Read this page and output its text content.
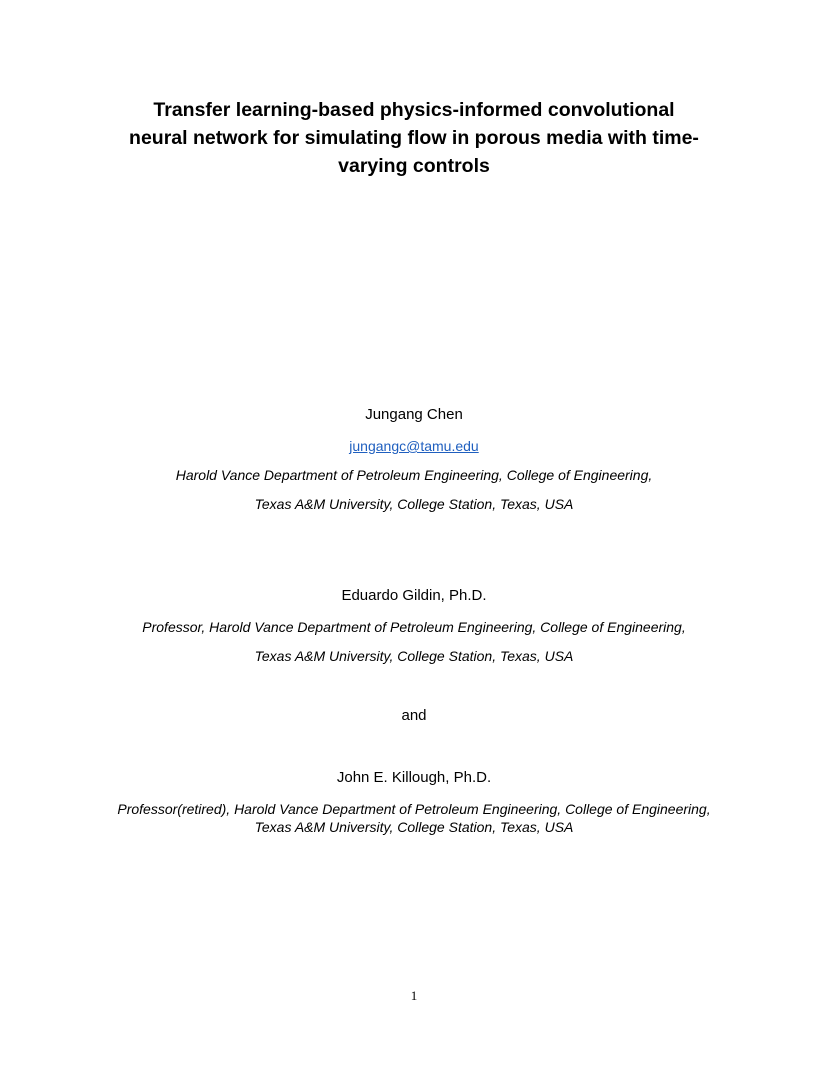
Transfer learning-based physics-informed convolutional
neural network for simulating flow in porous media with time-
varying controls
Jungang Chen
jungangc@tamu.edu
Harold Vance Department of Petroleum Engineering, College of Engineering,
Texas A&M University, College Station, Texas, USA
Eduardo Gildin, Ph.D.
Professor, Harold Vance Department of Petroleum Engineering, College of Engineering,
Texas A&M University, College Station, Texas, USA
and
John E. Killough, Ph.D.
Professor(retired), Harold Vance Department of Petroleum Engineering, College of Engineering,
Texas A&M University, College Station, Texas, USA
1
